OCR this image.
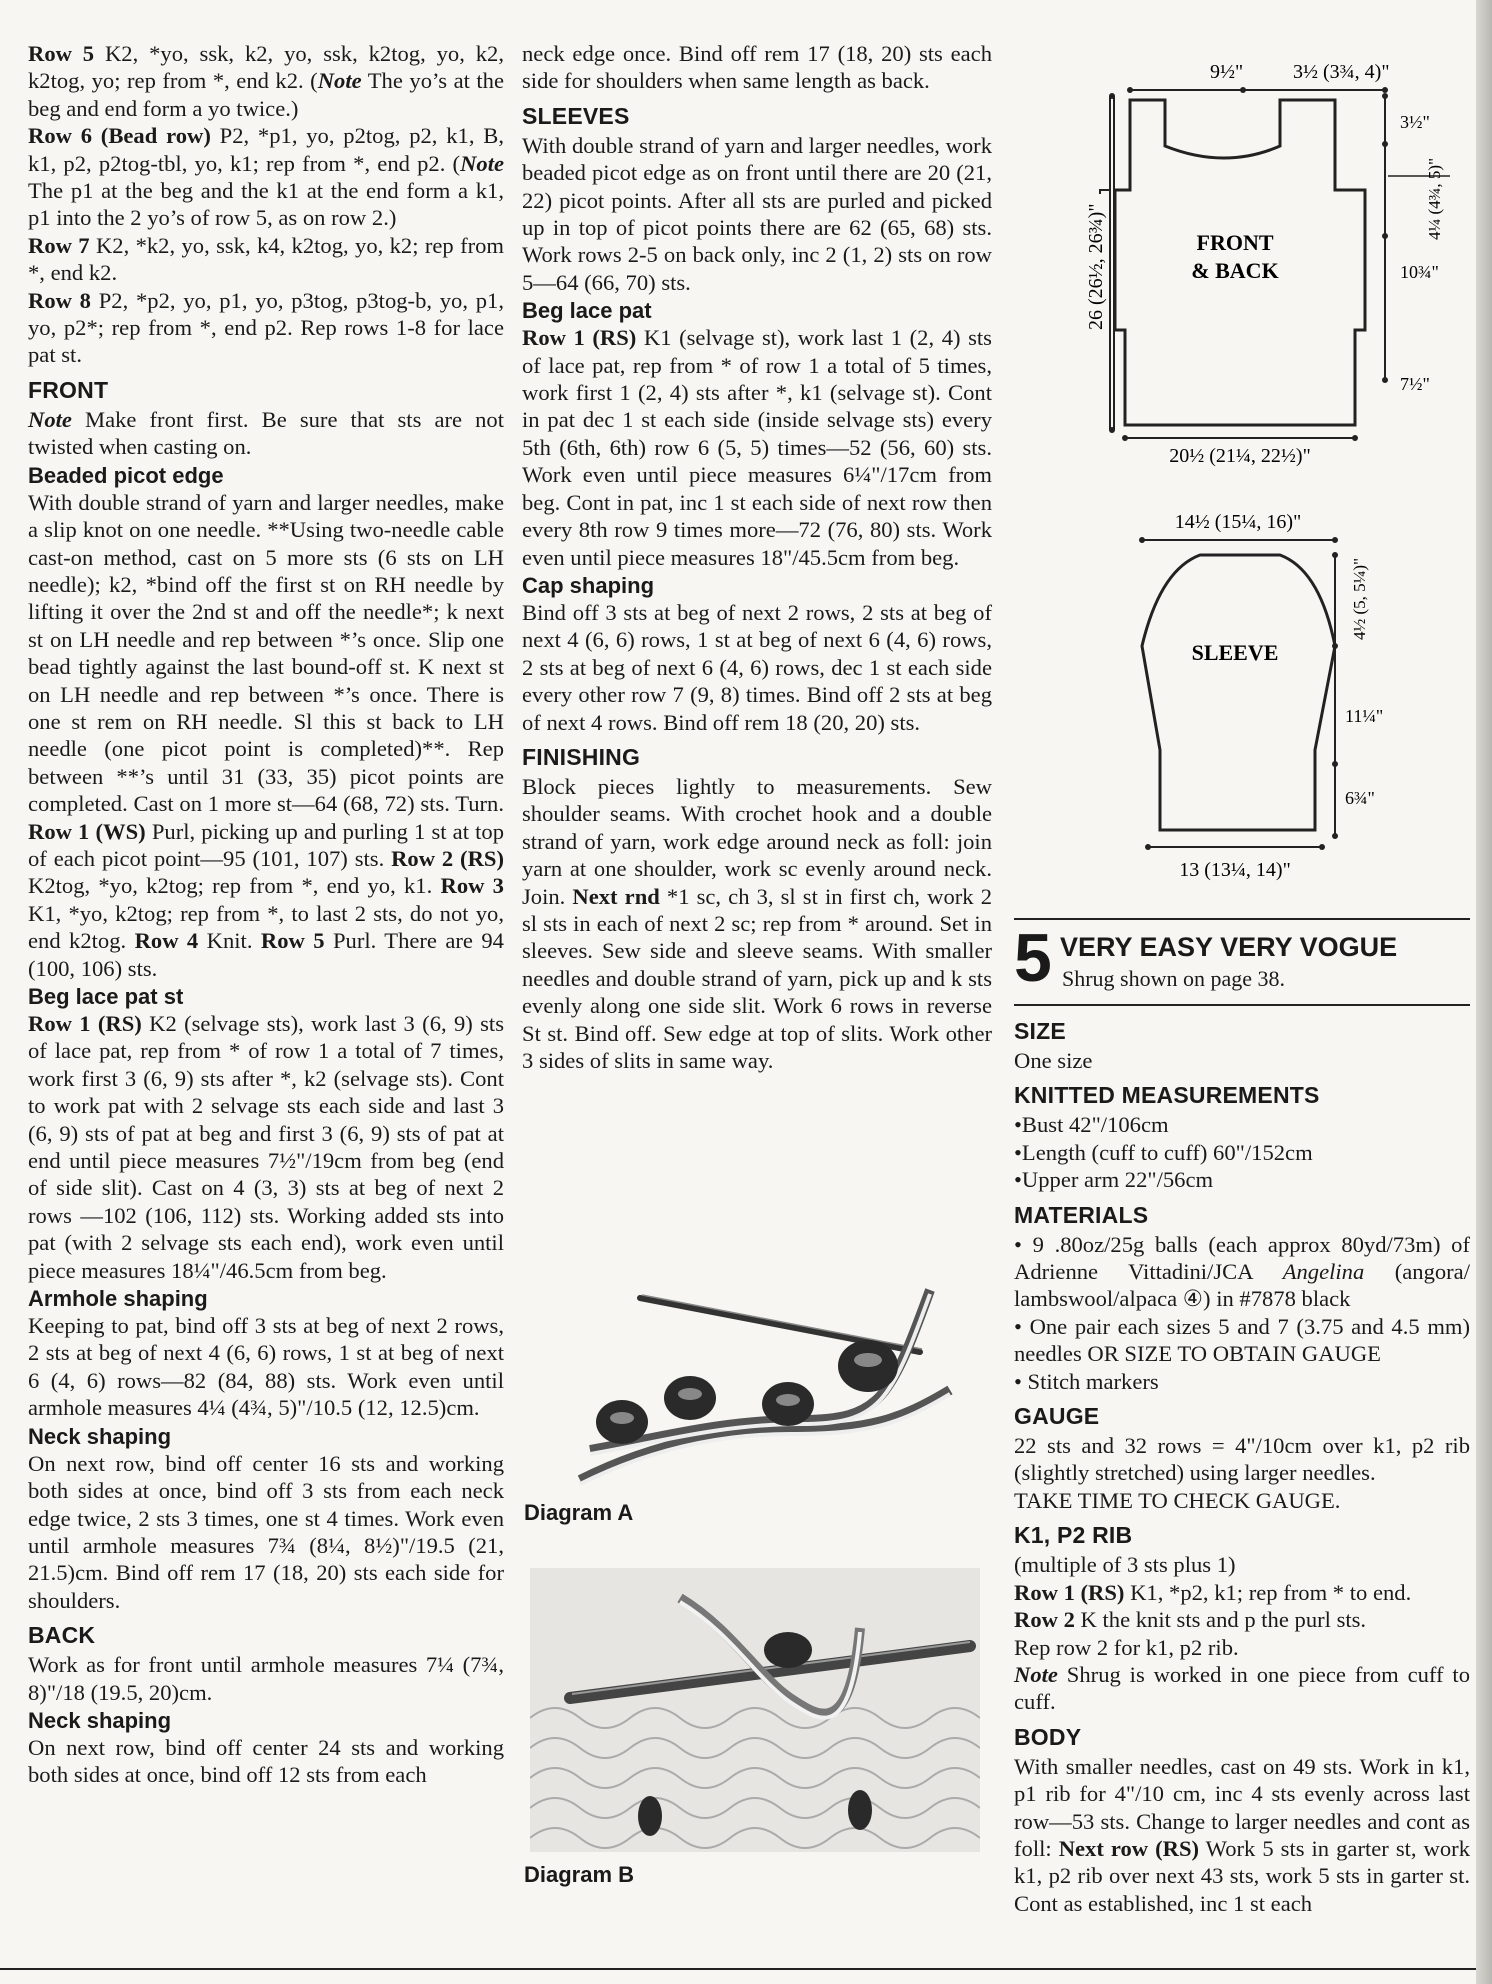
Row 5 K2, *yo, ssk, k2, yo, ssk, k2tog, yo, k2, k2tog, yo; rep from *, end k2. (Note The yo’s at the beg and end form a yo twice.)

Row 6 (Bead row) P2, *p1, yo, p2tog, p2, k1, B, k1, p2, p2tog-tbl, yo, k1; rep from *, end p2. (Note The p1 at the beg and the k1 at the end form a k1, p1 into the 2 yo’s of row 5, as on row 2.)

Row 7 K2, *k2, yo, ssk, k4, k2tog, yo, k2; rep from *, end k2.

Row 8 P2, *p2, yo, p1, yo, p3tog, p3tog-b, yo, p1, yo, p2*; rep from *, end p2. Rep rows 1-8 for lace pat st.

FRONT

Note Make front first. Be sure that sts are not twisted when casting on.

Beaded picot edge

With double strand of yarn and larger needles, make a slip knot on one needle. **Using two-needle cable cast-on method, cast on 5 more sts (6 sts on LH needle); k2, *bind off the first st on RH needle by lifting it over the 2nd st and off the needle*; k next st on LH needle and rep between *’s once. Slip one bead tightly against the last bound-off st. K next st on LH needle and rep between *’s once. There is one st rem on RH needle. Sl this st back to LH needle (one picot point is completed)**. Rep between **’s until 31 (33, 35) picot points are completed. Cast on 1 more st—64 (68, 72) sts. Turn. Row 1 (WS) Purl, picking up and purling 1 st at top of each picot point—95 (101, 107) sts. Row 2 (RS) K2tog, *yo, k2tog; rep from *, end yo, k1. Row 3 K1, *yo, k2tog; rep from *, to last 2 sts, do not yo, end k2tog. Row 4 Knit. Row 5 Purl. There are 94 (100, 106) sts.

Beg lace pat st

Row 1 (RS) K2 (selvage sts), work last 3 (6, 9) sts of lace pat, rep from * of row 1 a total of 7 times, work first 3 (6, 9) sts after *, k2 (selvage sts). Cont to work pat with 2 selvage sts each side and last 3 (6, 9) sts of pat at beg and first 3 (6, 9) sts of pat at end until piece measures 7½"/19cm from beg (end of side slit). Cast on 4 (3, 3) sts at beg of next 2 rows —102 (106, 112) sts. Working added sts into pat (with 2 selvage sts each end), work even until piece measures 18¼"/46.5cm from beg.

Armhole shaping

Keeping to pat, bind off 3 sts at beg of next 2 rows, 2 sts at beg of next 4 (6, 6) rows, 1 st at beg of next 6 (4, 6) rows—82 (84, 88) sts. Work even until armhole measures 4¼ (4¾, 5)"/10.5 (12, 12.5)cm.

Neck shaping

On next row, bind off center 16 sts and working both sides at once, bind off 3 sts from each neck edge twice, 2 sts 3 times, one st 4 times. Work even until armhole measures 7¾ (8¼, 8½)"/19.5 (21, 21.5)cm. Bind off rem 17 (18, 20) sts each side for shoulders.

BACK

Work as for front until armhole measures 7¼ (7¾, 8)"/18 (19.5, 20)cm.

Neck shaping

On next row, bind off center 24 sts and working both sides at once, bind off 12 sts from each

neck edge once. Bind off rem 17 (18, 20) sts each side for shoulders when same length as back.

SLEEVES

With double strand of yarn and larger needles, work beaded picot edge as on front until there are 20 (21, 22) picot points. After all sts are purled and picked up in top of picot points there are 62 (65, 68) sts. Work rows 2-5 on back only, inc 2 (1, 2) sts on row 5—64 (66, 70) sts.

Beg lace pat

Row 1 (RS) K1 (selvage st), work last 1 (2, 4) sts of lace pat, rep from * of row 1 a total of 5 times, work first 1 (2, 4) sts after *, k1 (selvage st). Cont in pat dec 1 st each side (inside selvage sts) every 5th (6th, 6th) row 6 (5, 5) times—52 (56, 60) sts. Work even until piece measures 6¼"/17cm from beg. Cont in pat, inc 1 st each side of next row then every 8th row 9 times more—72 (76, 80) sts. Work even until piece measures 18"/45.5cm from beg.

Cap shaping

Bind off 3 sts at beg of next 2 rows, 2 sts at beg of next 4 (6, 6) rows, 1 st at beg of next 6 (4, 6) rows, 2 sts at beg of next 6 (4, 6) rows, dec 1 st each side every other row 7 (9, 8) times. Bind off 2 sts at beg of next 4 rows. Bind off rem 18 (20, 20) sts.

FINISHING

Block pieces lightly to measurements. Sew shoulder seams. With crochet hook and a double strand of yarn, work edge around neck as foll: join yarn at one shoulder, work sc evenly around neck. Join. Next rnd *1 sc, ch 3, sl st in first ch, work 2 sl sts in each of next 2 sc; rep from * around. Set in sleeves. Sew side and sleeve seams. With smaller needles and double strand of yarn, pick up and k sts evenly along one side slit. Work 6 rows in reverse St st. Bind off. Sew edge at top of slits. Work other 3 sides of slits in same way.

Diagram A
Diagram B
9½" 3½ (3¾, 4)"
26 (26½, 26¾)"
3½"
4¼ (4¾, 5)"
10¾"
7½"
FRONT
& BACK
20½ (21¼, 22½)"
14½ (15¼, 16)"
4½ (5, 5¼)"
11¼"
6¾"
SLEEVE
13 (13¼, 14)"
5 VERY EASY VERY VOGUE
Shrug shown on page 38.
SIZE

One size

KNITTED MEASUREMENTS

•Bust 42"/106cm

•Length (cuff to cuff) 60"/152cm

•Upper arm 22"/56cm

MATERIALS

• 9 .80oz/25g balls (each approx 80yd/73m) of Adrienne Vittadini/JCA Angelina (angora/ lambswool/alpaca ④) in #7878 black

• One pair each sizes 5 and 7 (3.75 and 4.5 mm) needles OR SIZE TO OBTAIN GAUGE

• Stitch markers

GAUGE

22 sts and 32 rows = 4"/10cm over k1, p2 rib (slightly stretched) using larger needles.

TAKE TIME TO CHECK GAUGE.

K1, P2 RIB

(multiple of 3 sts plus 1)

Row 1 (RS) K1, *p2, k1; rep from * to end.

Row 2 K the knit sts and p the purl sts.

Rep row 2 for k1, p2 rib.

Note Shrug is worked in one piece from cuff to cuff.

BODY

With smaller needles, cast on 49 sts. Work in k1, p1 rib for 4"/10 cm, inc 4 sts evenly across last row—53 sts. Change to larger needles and cont as foll: Next row (RS) Work 5 sts in garter st, work k1, p2 rib over next 43 sts, work 5 sts in garter st. Cont as established, inc 1 st each
